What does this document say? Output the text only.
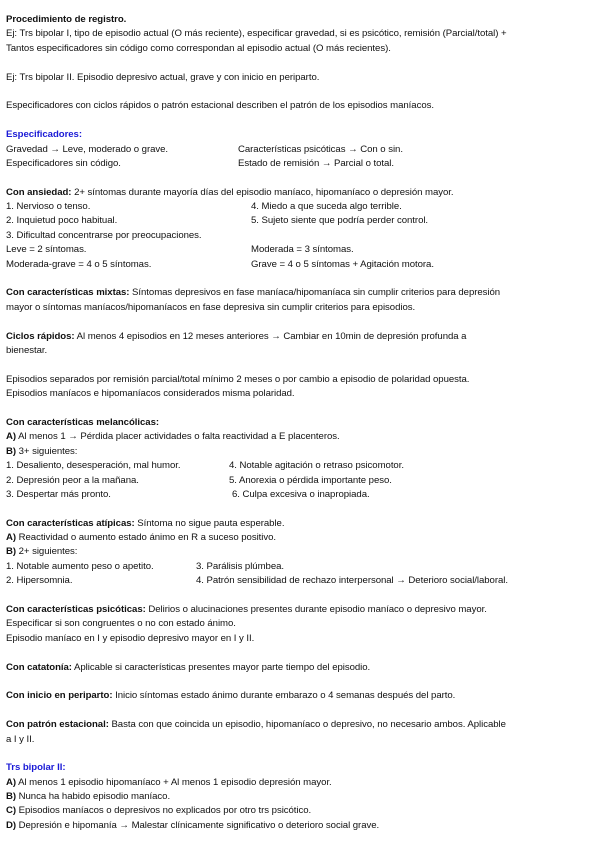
Procedimiento de registro.
Ej: Trs bipolar I, tipo de episodio actual (O más reciente), especificar gravedad, si es psicótico, remisión (Parcial/total) +
Tantos especificadores sin código como correspondan al episodio actual (O más recientes).
Ej: Trs bipolar II. Episodio depresivo actual, grave y con inicio en periparto.
Especificadores con ciclos rápidos o patrón estacional describen el patrón de los episodios maníacos.
Especificadores:
Gravedad → Leve, moderado o grave.	Características psicóticas → Con o sin.
Especificadores sin código.	Estado de remisión → Parcial o total.
Con ansiedad: 2+ síntomas durante mayoría días del episodio maníaco, hipomaníaco o depresión mayor.
1. Nervioso o tenso.	4. Miedo a que suceda algo terrible.
2. Inquietud poco habitual.	5. Sujeto siente que podría perder control.
3. Dificultad concentrarse por preocupaciones.
Leve = 2 síntomas.	Moderada = 3 síntomas.
Moderada-grave = 4 o 5 síntomas.	Grave = 4 o 5 síntomas + Agitación motora.
Con características mixtas: Síntomas depresivos en fase maníaca/hipomaníaca sin cumplir criterios para depresión
mayor o síntomas maníacos/hipomaníacos en fase depresiva sin cumplir criterios para episodios.
Ciclos rápidos: Al menos 4 episodios en 12 meses anteriores → Cambiar en 10min de depresión profunda a
bienestar.
Episodios separados por remisión parcial/total mínimo 2 meses o por cambio a episodio de polaridad opuesta.
Episodios maníacos e hipomaníacos considerados misma polaridad.
Con características melancólicas:
A) Al menos 1 → Pérdida placer actividades o falta reactividad a E placenteros.
B) 3+ siguientes:
1. Desaliento, desesperación, mal humor.	4. Notable agitación o retraso psicomotor.
2. Depresión peor a la mañana.	5. Anorexia o pérdida importante peso.
3. Despertar más pronto.	6. Culpa excesiva o inapropiada.
Con características atípicas: Síntoma no sigue pauta esperable.
A) Reactividad o aumento estado ánimo en R a suceso positivo.
B) 2+ siguientes:
1. Notable aumento peso o apetito.	3. Parálisis plúmbea.
2. Hipersomnia.	4. Patrón sensibilidad de rechazo interpersonal → Deterioro social/laboral.
Con características psicóticas: Delirios o alucinaciones presentes durante episodio maníaco o depresivo mayor.
Especificar si son congruentes o no con estado ánimo.
Episodio maníaco en I y episodio depresivo mayor en I y II.
Con catatonía: Aplicable si características presentes mayor parte tiempo del episodio.
Con inicio en periparto: Inicio síntomas estado ánimo durante embarazo o 4 semanas después del parto.
Con patrón estacional: Basta con que coincida un episodio, hipomaníaco o depresivo, no necesario ambos. Aplicable
a I y II.
Trs bipolar II:
A) Al menos 1 episodio hipomaníaco + Al menos 1 episodio depresión mayor.
B) Nunca ha habido episodio maníaco.
C) Episodios maníacos o depresivos no explicados por otro trs psicótico.
D) Depresión e hipomanía → Malestar clínicamente significativo o deterioro social grave.
